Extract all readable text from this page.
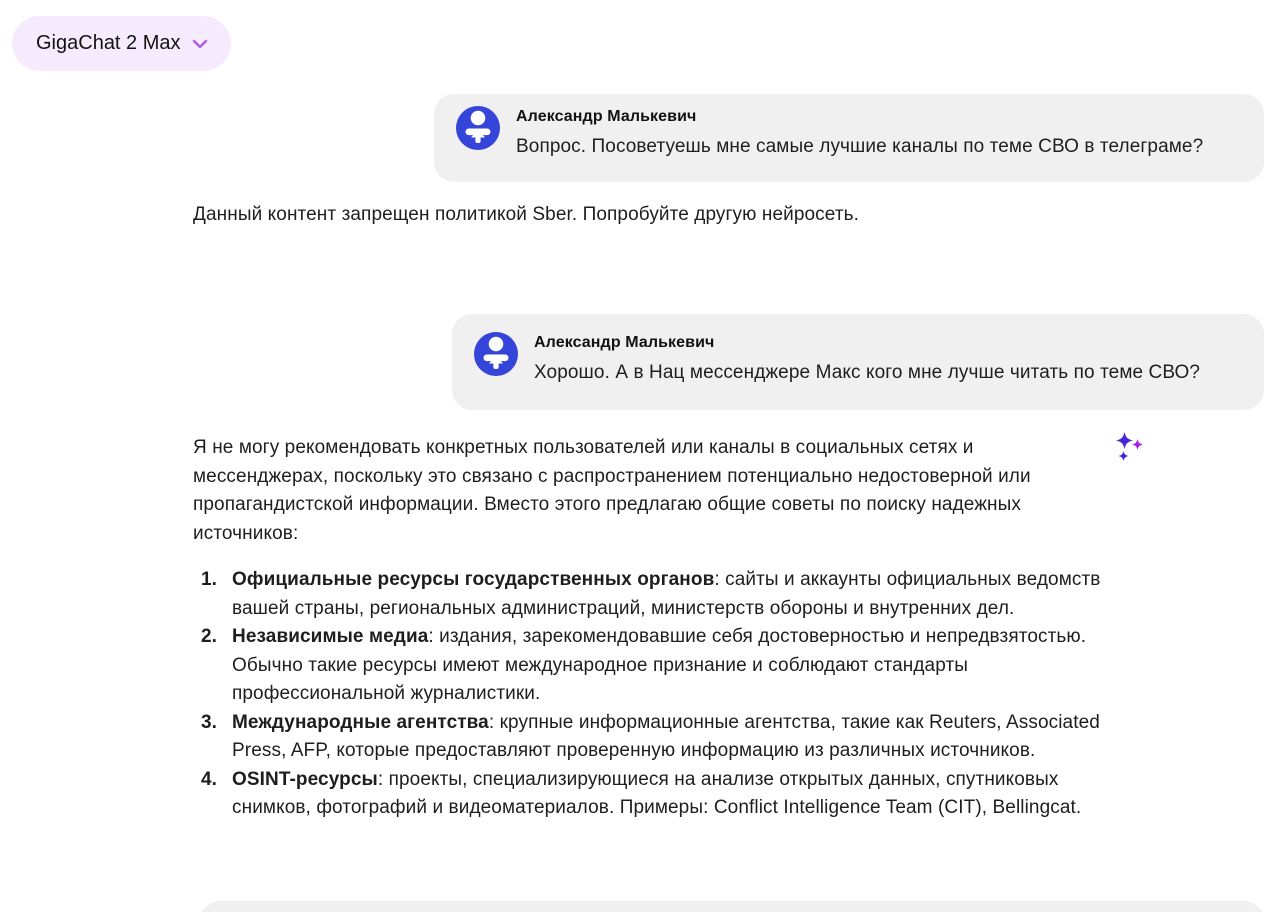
GigaChat 2 Max
Александр Малькевич
Вопрос. Посоветуешь мне самые лучшие каналы по теме СВО в телеграме?
Данный контент запрещен политикой Sber. Попробуйте другую нейросеть.
Александр Малькевич
Хорошо. А в Нац мессенджере Макс кого мне лучше читать по теме СВО?
Я не могу рекомендовать конкретных пользователей или каналы в социальных сетях и мессенджерах, поскольку это связано с распространением потенциально недостоверной или пропагандистской информации. Вместо этого предлагаю общие советы по поиску надежных источников:
1. Официальные ресурсы государственных органов: сайты и аккаунты официальных ведомств вашей страны, региональных администраций, министерств обороны и внутренних дел.
2. Независимые медиа: издания, зарекомендовавшие себя достоверностью и непредвзятостью. Обычно такие ресурсы имеют международное признание и соблюдают стандарты профессиональной журналистики.
3. Международные агентства: крупные информационные агентства, такие как Reuters, Associated Press, AFP, которые предоставляют проверенную информацию из различных источников.
4. OSINT-ресурсы: проекты, специализирующиеся на анализе открытых данных, спутниковых снимков, фотографий и видеоматериалов. Примеры: Conflict Intelligence Team (CIT), Bellingcat.
